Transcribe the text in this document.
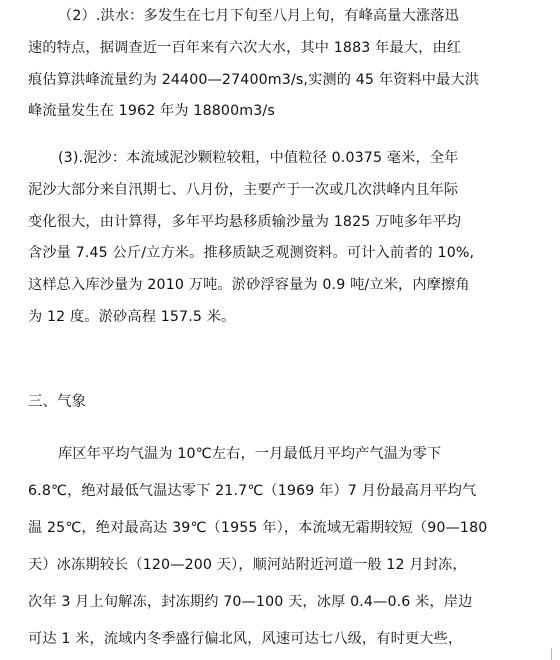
（2）.洪水：多发生在七月下旬至八月上旬，有峰高量大涨落迅
速的特点，据调查近一百年来有六次大水，其中 1883 年最大，由红
痕估算洪峰流量约为 24400—27400m3/s,实测的 45 年资料中最大洪
峰流量发生在 1962 年为 18800m3/s
(3).泥沙：本流域泥沙颗粒较粗，中值粒径 0.0375 毫米，全年
泥沙大部分来自汛期七、八月份，主要产于一次或几次洪峰内且年际
变化很大，由计算得，多年平均悬移质输沙量为 1825 万吨多年平均
含沙量 7.45 公斤/立方米。推移质缺乏观测资料。可计入前者的 10%,
这样总入库沙量为 2010 万吨。淤砂浮容量为 0.9 吨/立米，内摩擦角
为 12 度。淤砂高程 157.5 米。
三、气象
库区年平均气温为 10℃左右，一月最低月平均产气温为零下
6.8℃，绝对最低气温达零下 21.7℃（1969 年）7 月份最高月平均气
温 25℃，绝对最高达 39℃（1955 年），本流域无霜期较短（90—180
天）冰冻期较长（120—200 天），顺河站附近河道一般 12 月封冻，
次年 3 月上旬解冻，封冻期约 70—100 天，冰厚 0.4—0.6 米，岸边
可达 1 米，流域内冬季盛行偏北风，风速可达七八级，有时更大些，
